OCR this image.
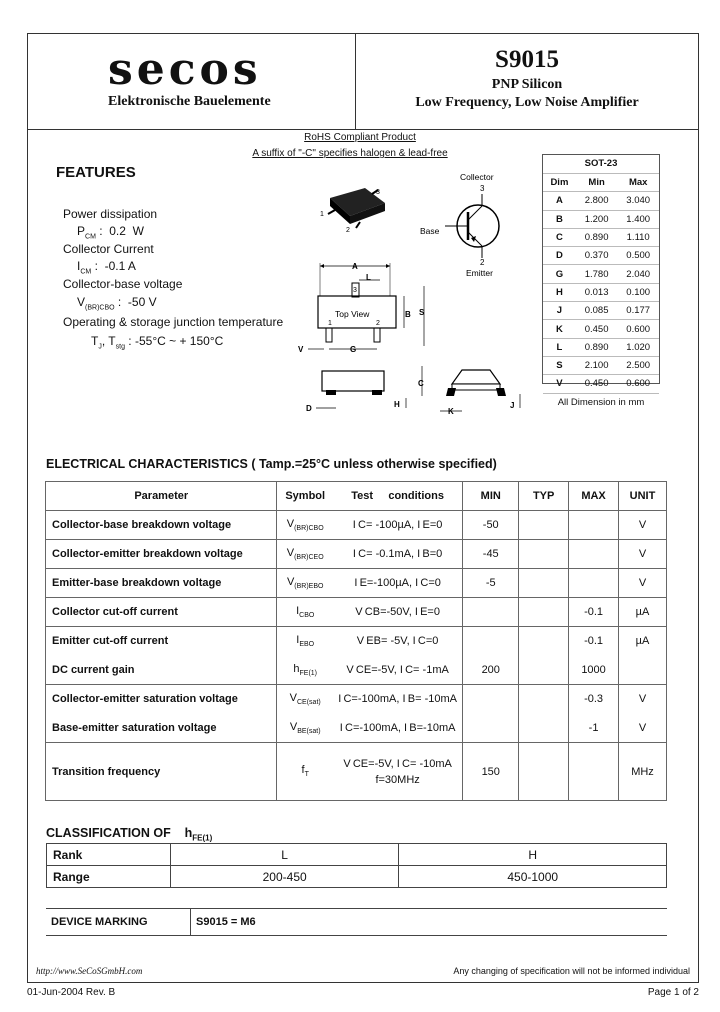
secos
Elektronische Bauelemente
S9015
PNP Silicon
Low Frequency, Low Noise Amplifier
RoHS Compliant Product
A suffix of "-C" specifies halogen & lead-free
FEATURES
Power dissipation
$P_{CM}$ :  0.2  W
Collector Current
$I_{CM}$ :  -0.1 A
Collector-base voltage
$V_{(BR)CBO}$ :  -50 V
Operating & storage junction temperature
$T_J$, $T_{stg}$ : -55°C ~ + 150°C
3
1
2
Collector
3
Base
2
Emitter
A
3
L
Top View
1	2
B S
V	G
C
D	H
K
J
SOT-23
Dim	Min	Max
A	2.800	3.040
B	1.200	1.400
C	0.890	1.110
D	0.370	0.500
G	1.780	2.040
H	0.013	0.100
J	0.085	0.177
K	0.450	0.600
L	0.890	1.020
S	2.100	2.500
V	0.450	0.600
All Dimension in mm		
ELECTRICAL CHARACTERISTICS ( Tamp.=25°C unless otherwise specified)
Parameter	Symbol	Test     conditions	MIN	TYP	MAX	UNIT
Collector-base breakdown voltage	$V_{(BR)CBO}$	I C= -100µA, I E=0	-50			V
Collector-emitter breakdown voltage	$V_{(BR)CEO}$	I C= -0.1mA, I B=0	-45			V
Emitter-base breakdown voltage	$V_{(BR)EBO}$	I E=-100µA, I C=0	-5			V
Collector cut-off current	$I_{CBO}$	V CB=-50V, I E=0			-0.1	µA
Emitter cut-off current	$I_{EBO}$	V EB= -5V, I C=0			-0.1	µA
DC current gain	$h_{FE(1)}$	V CE=-5V, I C= -1mA	200		1000	
Collector-emitter saturation voltage	$V_{CE(sat)}$	I C=-100mA, I B= -10mA			-0.3	V
Base-emitter saturation voltage	$V_{BE(sat)}$	I C=-100mA, I B=-10mA			-1	V
Transition frequency	$f_T$	V CE=-5V, I C= -10mA
f=30MHz	150			MHz
CLASSIFICATION OF    $h_{FE(1)}$
Rank	L	H
Range	200-450	450-1000
DEVICE MARKING	S9015 = M6
http://www.SeCoSGmbH.com	Any changing of specification will not be informed individual
01-Jun-2004 Rev. B	Page 1 of 2
